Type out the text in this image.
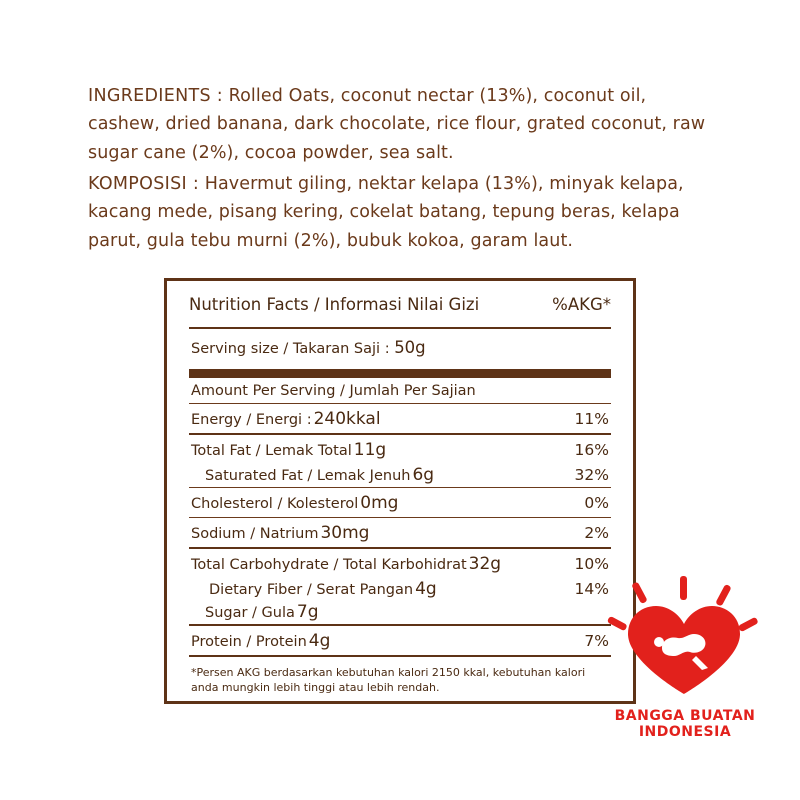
INGREDIENTS : Rolled Oats, coconut nectar (13%), coconut oil, cashew, dried banana, dark chocolate, rice flour, grated coconut, raw sugar cane (2%), cocoa powder, sea salt.

KOMPOSISI : Havermut giling, nektar kelapa (13%), minyak kelapa, kacang mede, pisang kering, cokelat batang, tepung beras, kelapa parut, gula tebu murni (2%), bubuk kokoa, garam laut.

Nutrition Facts / Informasi Nilai Gizi	%AKG*
Serving size / Takaran Saji : 50g
Amount Per Serving / Jumlah Per Sajian
Energy / Energi : 240kkal	11%
Total Fat / Lemak Total 11g	16%
Saturated Fat / Lemak Jenuh 6g	32%
Cholesterol / Kolesterol 0mg	0%
Sodium / Natrium 30mg	2%
Total Carbohydrate / Total Karbohidrat 32g	10%
Dietary Fiber / Serat Pangan 4g	14%
Sugar / Gula 7g
Protein / Protein 4g	7%
*Persen AKG berdasarkan kebutuhan kalori 2150 kkal, kebutuhan kalori
anda mungkin lebih tinggi atau lebih rendah.
BANGGA BUATAN
INDONESIA
